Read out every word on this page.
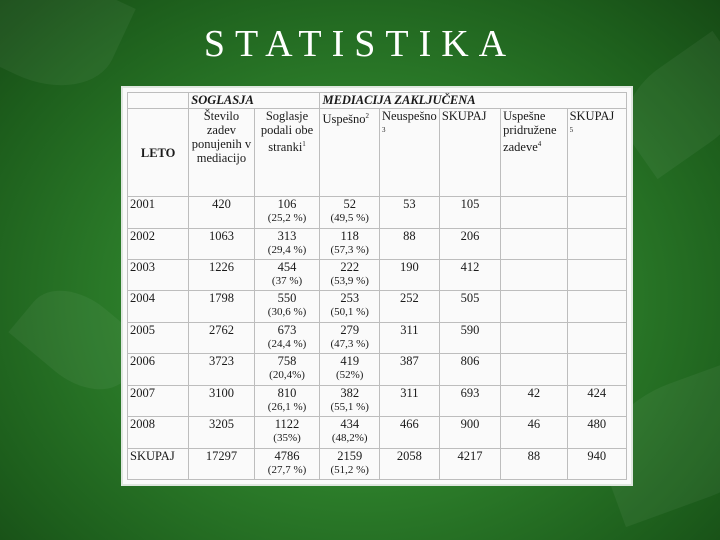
STATISTIKA
	SOGLASJA		MEDIACIJA ZAKLJUČENA				
LETO	Število zadev ponujenih v mediacijo	Soglasje podali obe stranki$^1$	Uspešno$^2$	Neuspešno
$^3$	SKUPAJ	Uspešne pridružene zadeve$^4$	SKUPAJ
$^5$
2001	420	106
(25,2 %)	52
(49,5 %)	53	105		
2002	1063	313
(29,4 %)	118
(57,3 %)	88	206		
2003	1226	454
(37 %)	222
(53,9 %)	190	412		
2004	1798	550
(30,6 %)	253
(50,1 %)	252	505		
2005	2762	673
(24,4 %)	279
(47,3 %)	311	590		
2006	3723	758
(20,4%)	419
(52%)	387	806		
2007	3100	810
(26,1 %)	382
(55,1 %)	311	693	42	424
2008	3205	1122
(35%)	434
(48,2%)	466	900	46	480
SKUPAJ	17297	4786
(27,7 %)	2159
(51,2 %)	2058	4217	88	940
